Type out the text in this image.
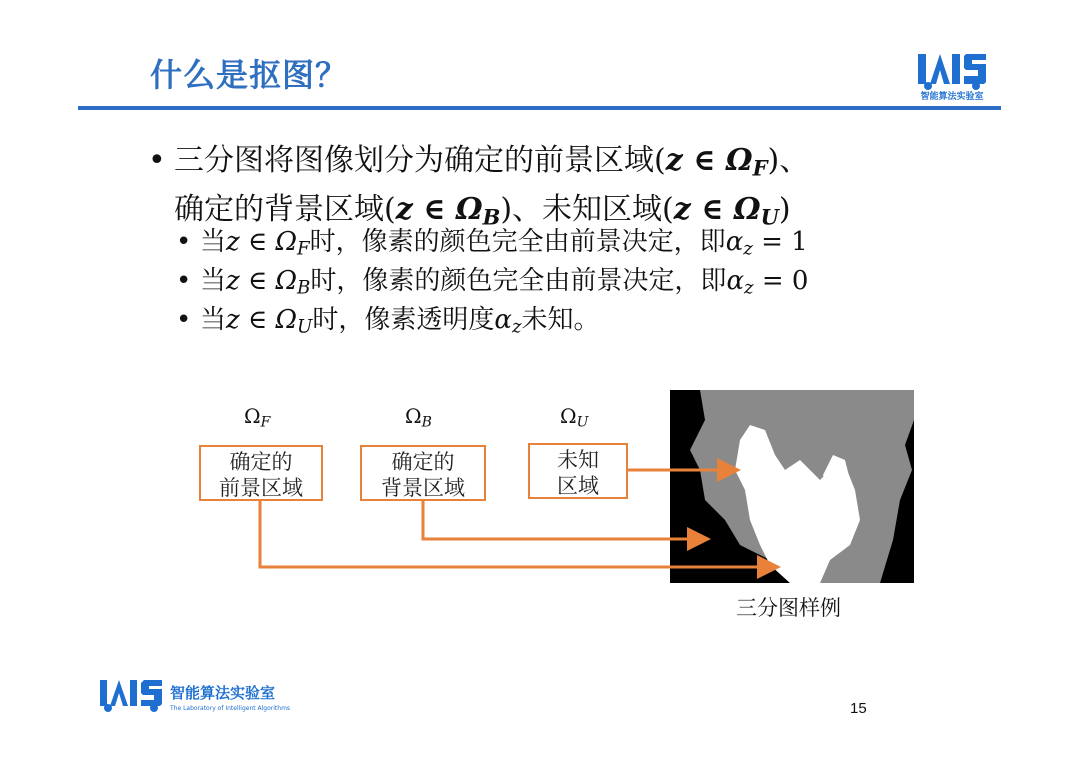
什么是抠图？
智能算法实验室
• 三分图将图像划分为确定的前景区域(z ∈ ΩF)、
确定的背景区域(z ∈ ΩB)、未知区域(z ∈ ΩU)
• 当z ∈ ΩF时，像素的颜色完全由前景决定，即αz = 1
• 当z ∈ ΩB时，像素的颜色完全由前景决定，即αz = 0
• 当z ∈ ΩU时，像素透明度αz未知。
ΩF	ΩB	ΩU
确定的
前景区域
确定的
背景区域
未知
区域
三分图样例
智能算法实验室
The Laboratory of Intelligent Algorithms	15
